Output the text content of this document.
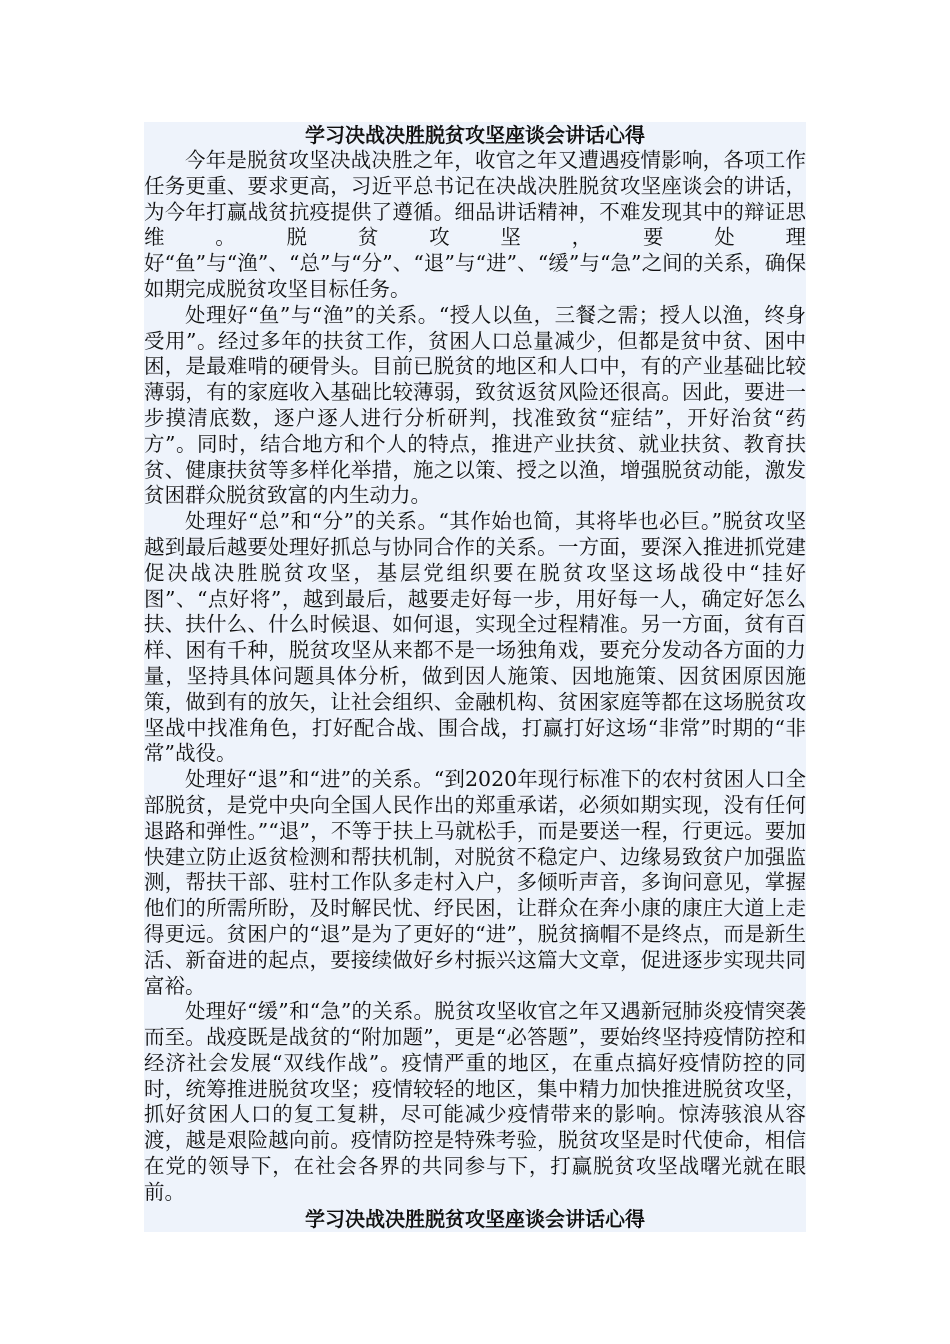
学习决战决胜脱贫攻坚座谈会讲话心得

今年是脱贫攻坚决战决胜之年，收官之年又遭遇疫情影响，各项工作任务更重、要求更高，习近平总书记在决战决胜脱贫攻坚座谈会的讲话，为今年打赢战贫抗疫提供了遵循。细品讲话精神，不难发现其中的辩证思维。脱贫攻坚，要处理好“鱼”与“渔”、“总”与“分”、“退”与“进”、“缓”与“急”之间的关系，确保如期完成脱贫攻坚目标任务。

处理好“鱼”与“渔”的关系。“授人以鱼，三餐之需；授人以渔，终身受用”。经过多年的扶贫工作，贫困人口总量减少，但都是贫中贫、困中困，是最难啃的硬骨头。目前已脱贫的地区和人口中，有的产业基础比较薄弱，有的家庭收入基础比较薄弱，致贫返贫风险还很高。因此，要进一步摸清底数，逐户逐人进行分析研判，找准致贫“症结”，开好治贫“药方”。同时，结合地方和个人的特点，推进产业扶贫、就业扶贫、教育扶贫、健康扶贫等多样化举措，施之以策、授之以渔，增强脱贫动能，激发贫困群众脱贫致富的内生动力。

处理好“总”和“分”的关系。“其作始也简，其将毕也必巨。”脱贫攻坚越到最后越要处理好抓总与协同合作的关系。一方面，要深入推进抓党建促决战决胜脱贫攻坚，基层党组织要在脱贫攻坚这场战役中“挂好图”、“点好将”，越到最后，越要走好每一步，用好每一人，确定好怎么扶、扶什么、什么时候退、如何退，实现全过程精准。另一方面，贫有百样、困有千种，脱贫攻坚从来都不是一场独角戏，要充分发动各方面的力量，坚持具体问题具体分析，做到因人施策、因地施策、因贫困原因施策，做到有的放矢，让社会组织、金融机构、贫困家庭等都在这场脱贫攻坚战中找准角色，打好配合战、围合战，打赢打好这场“非常”时期的“非常”战役。

处理好“退”和“进”的关系。“到2020年现行标准下的农村贫困人口全部脱贫，是党中央向全国人民作出的郑重承诺，必须如期实现，没有任何退路和弹性。”“退”，不等于扶上马就松手，而是要送一程，行更远。要加快建立防止返贫检测和帮扶机制，对脱贫不稳定户、边缘易致贫户加强监测，帮扶干部、驻村工作队多走村入户，多倾听声音，多询问意见，掌握他们的所需所盼，及时解民忧、纾民困，让群众在奔小康的康庄大道上走得更远。贫困户的“退”是为了更好的“进”，脱贫摘帽不是终点，而是新生活、新奋进的起点，要接续做好乡村振兴这篇大文章，促进逐步实现共同富裕。

处理好“缓”和“急”的关系。脱贫攻坚收官之年又遇新冠肺炎疫情突袭而至。战疫既是战贫的“附加题”，更是“必答题”，要始终坚持疫情防控和经济社会发展“双线作战”。疫情严重的地区，在重点搞好疫情防控的同时，统筹推进脱贫攻坚；疫情较轻的地区，集中精力加快推进脱贫攻坚，抓好贫困人口的复工复耕，尽可能减少疫情带来的影响。惊涛骇浪从容渡，越是艰险越向前。疫情防控是特殊考验，脱贫攻坚是时代使命，相信在党的领导下，在社会各界的共同参与下，打赢脱贫攻坚战曙光就在眼前。

学习决战决胜脱贫攻坚座谈会讲话心得
